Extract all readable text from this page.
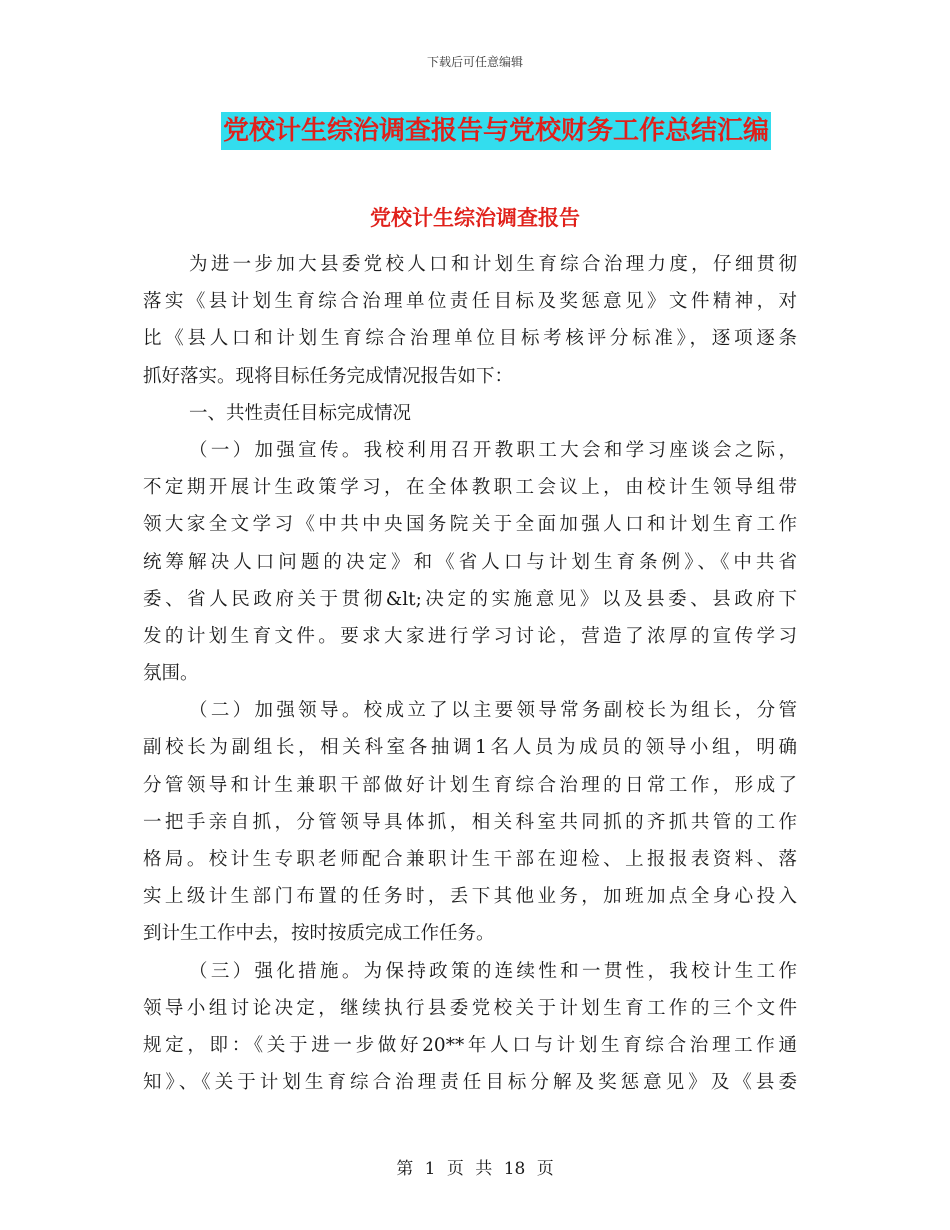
下载后可任意编辑
党校计生综治调查报告与党校财务工作总结汇编
党校计生综治调查报告
为进一步加大县委党校人口和计划生育综合治理力度，仔细贯彻
落实《县计划生育综合治理单位责任目标及奖惩意见》文件精神，对
比《县人口和计划生育综合治理单位目标考核评分标准》，逐项逐条
抓好落实。现将目标任务完成情况报告如下：
一、共性责任目标完成情况
（一）加强宣传。我校利用召开教职工大会和学习座谈会之际，
不定期开展计生政策学习，在全体教职工会议上，由校计生领导组带
领大家全文学习《中共中央国务院关于全面加强人口和计划生育工作
统筹解决人口问题的决定》和《省人口与计划生育条例》、《中共省
委、省人民政府关于贯彻&lt;决定的实施意见》以及县委、县政府下
发的计划生育文件。要求大家进行学习讨论，营造了浓厚的宣传学习
氛围。
（二）加强领导。校成立了以主要领导常务副校长为组长，分管
副校长为副组长，相关科室各抽调1名人员为成员的领导小组，明确
分管领导和计生兼职干部做好计划生育综合治理的日常工作，形成了
一把手亲自抓，分管领导具体抓，相关科室共同抓的齐抓共管的工作
格局。校计生专职老师配合兼职计生干部在迎检、上报报表资料、落
实上级计生部门布置的任务时，丢下其他业务，加班加点全身心投入
到计生工作中去，按时按质完成工作任务。
（三）强化措施。为保持政策的连续性和一贯性，我校计生工作
领导小组讨论决定，继续执行县委党校关于计划生育工作的三个文件
规定，即：《关于进一步做好20**年人口与计划生育综合治理工作通
知》、《关于计划生育综合治理责任目标分解及奖惩意见》及《县委
第 1 页 共 18 页
